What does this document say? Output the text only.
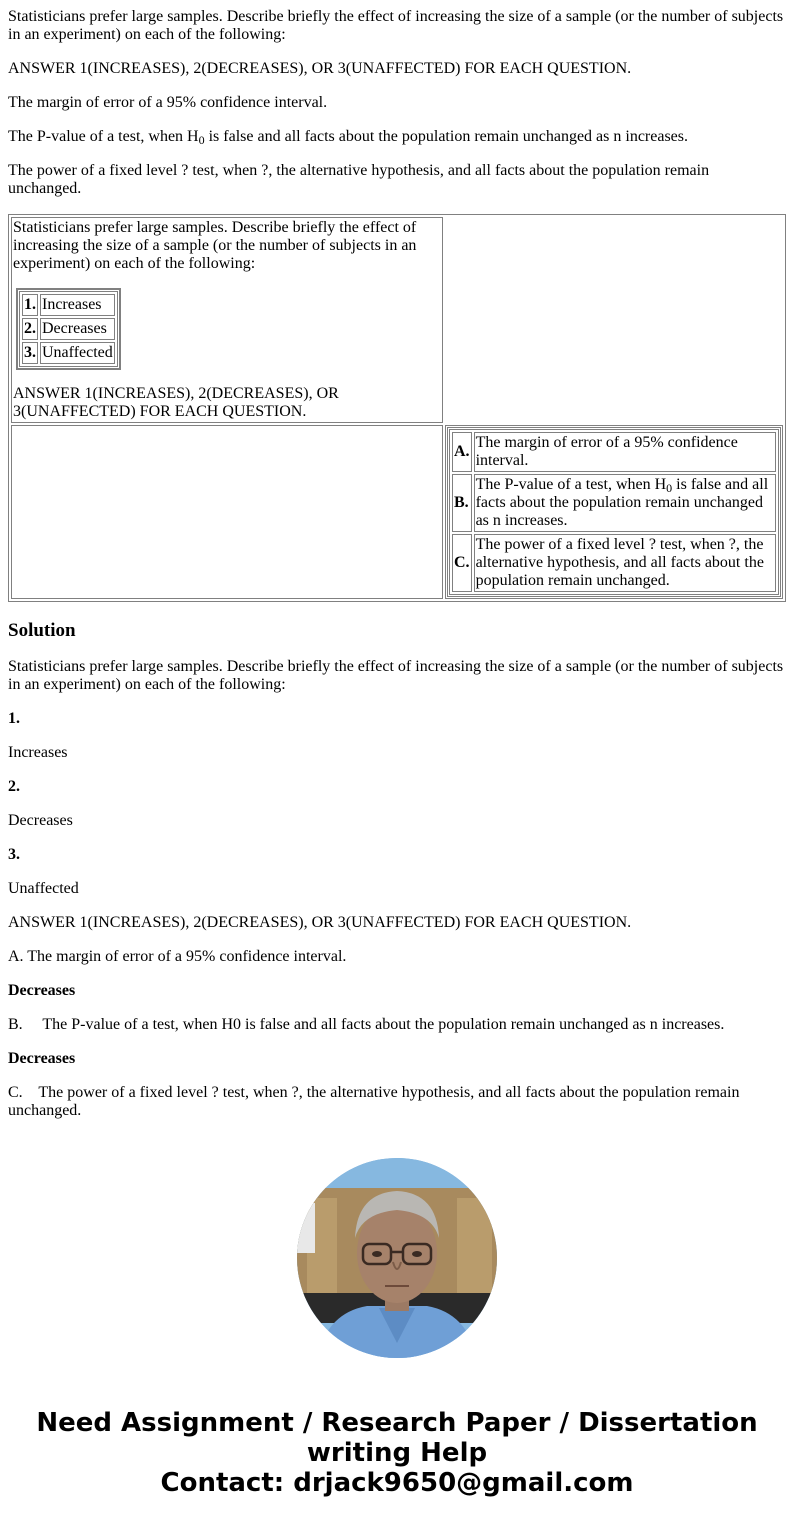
Statisticians prefer large samples. Describe briefly the effect of increasing the size of a sample (or the number of subjects in an experiment) on each of the following:

ANSWER 1(INCREASES), 2(DECREASES), OR 3(UNAFFECTED) FOR EACH QUESTION.

The margin of error of a 95% confidence interval.

The P-value of a test, when $H_0$ is false and all facts about the population remain unchanged as n increases.

The power of a fixed level ? test, when ?, the alternative hypothesis, and all facts about the population remain unchanged.

Statisticians prefer large samples. Describe briefly the effect of increasing the size of a sample (or the number of subjects in an experiment) on each of the following:
1.	Increases
2.	Decreases
3.	Unaffected
ANSWER 1(INCREASES), 2(DECREASES), OR 3(UNAFFECTED) FOR EACH QUESTION.

A.	The margin of error of a 95% confidence interval.
B.	The P-value of a test, when $H_0$ is false and all facts about the population remain unchanged as n increases.
C.	The power of a fixed level ? test, when ?, the alternative hypothesis, and all facts about the population remain unchanged.
Solution

Statisticians prefer large samples. Describe briefly the effect of increasing the size of a sample (or the number of subjects in an experiment) on each of the following:

1.

Increases

2.

Decreases

3.

Unaffected

ANSWER 1(INCREASES), 2(DECREASES), OR 3(UNAFFECTED) FOR EACH QUESTION.

A. The margin of error of a 95% confidence interval.

Decreases

B.     The P-value of a test, when H0 is false and all facts about the population remain unchanged as n increases.

Decreases

C.    The power of a fixed level ? test, when ?, the alternative hypothesis, and all facts about the population remain unchanged.

Need Assignment / Research Paper / Dissertation writing Help
Contact: drjack9650@gmail.com
